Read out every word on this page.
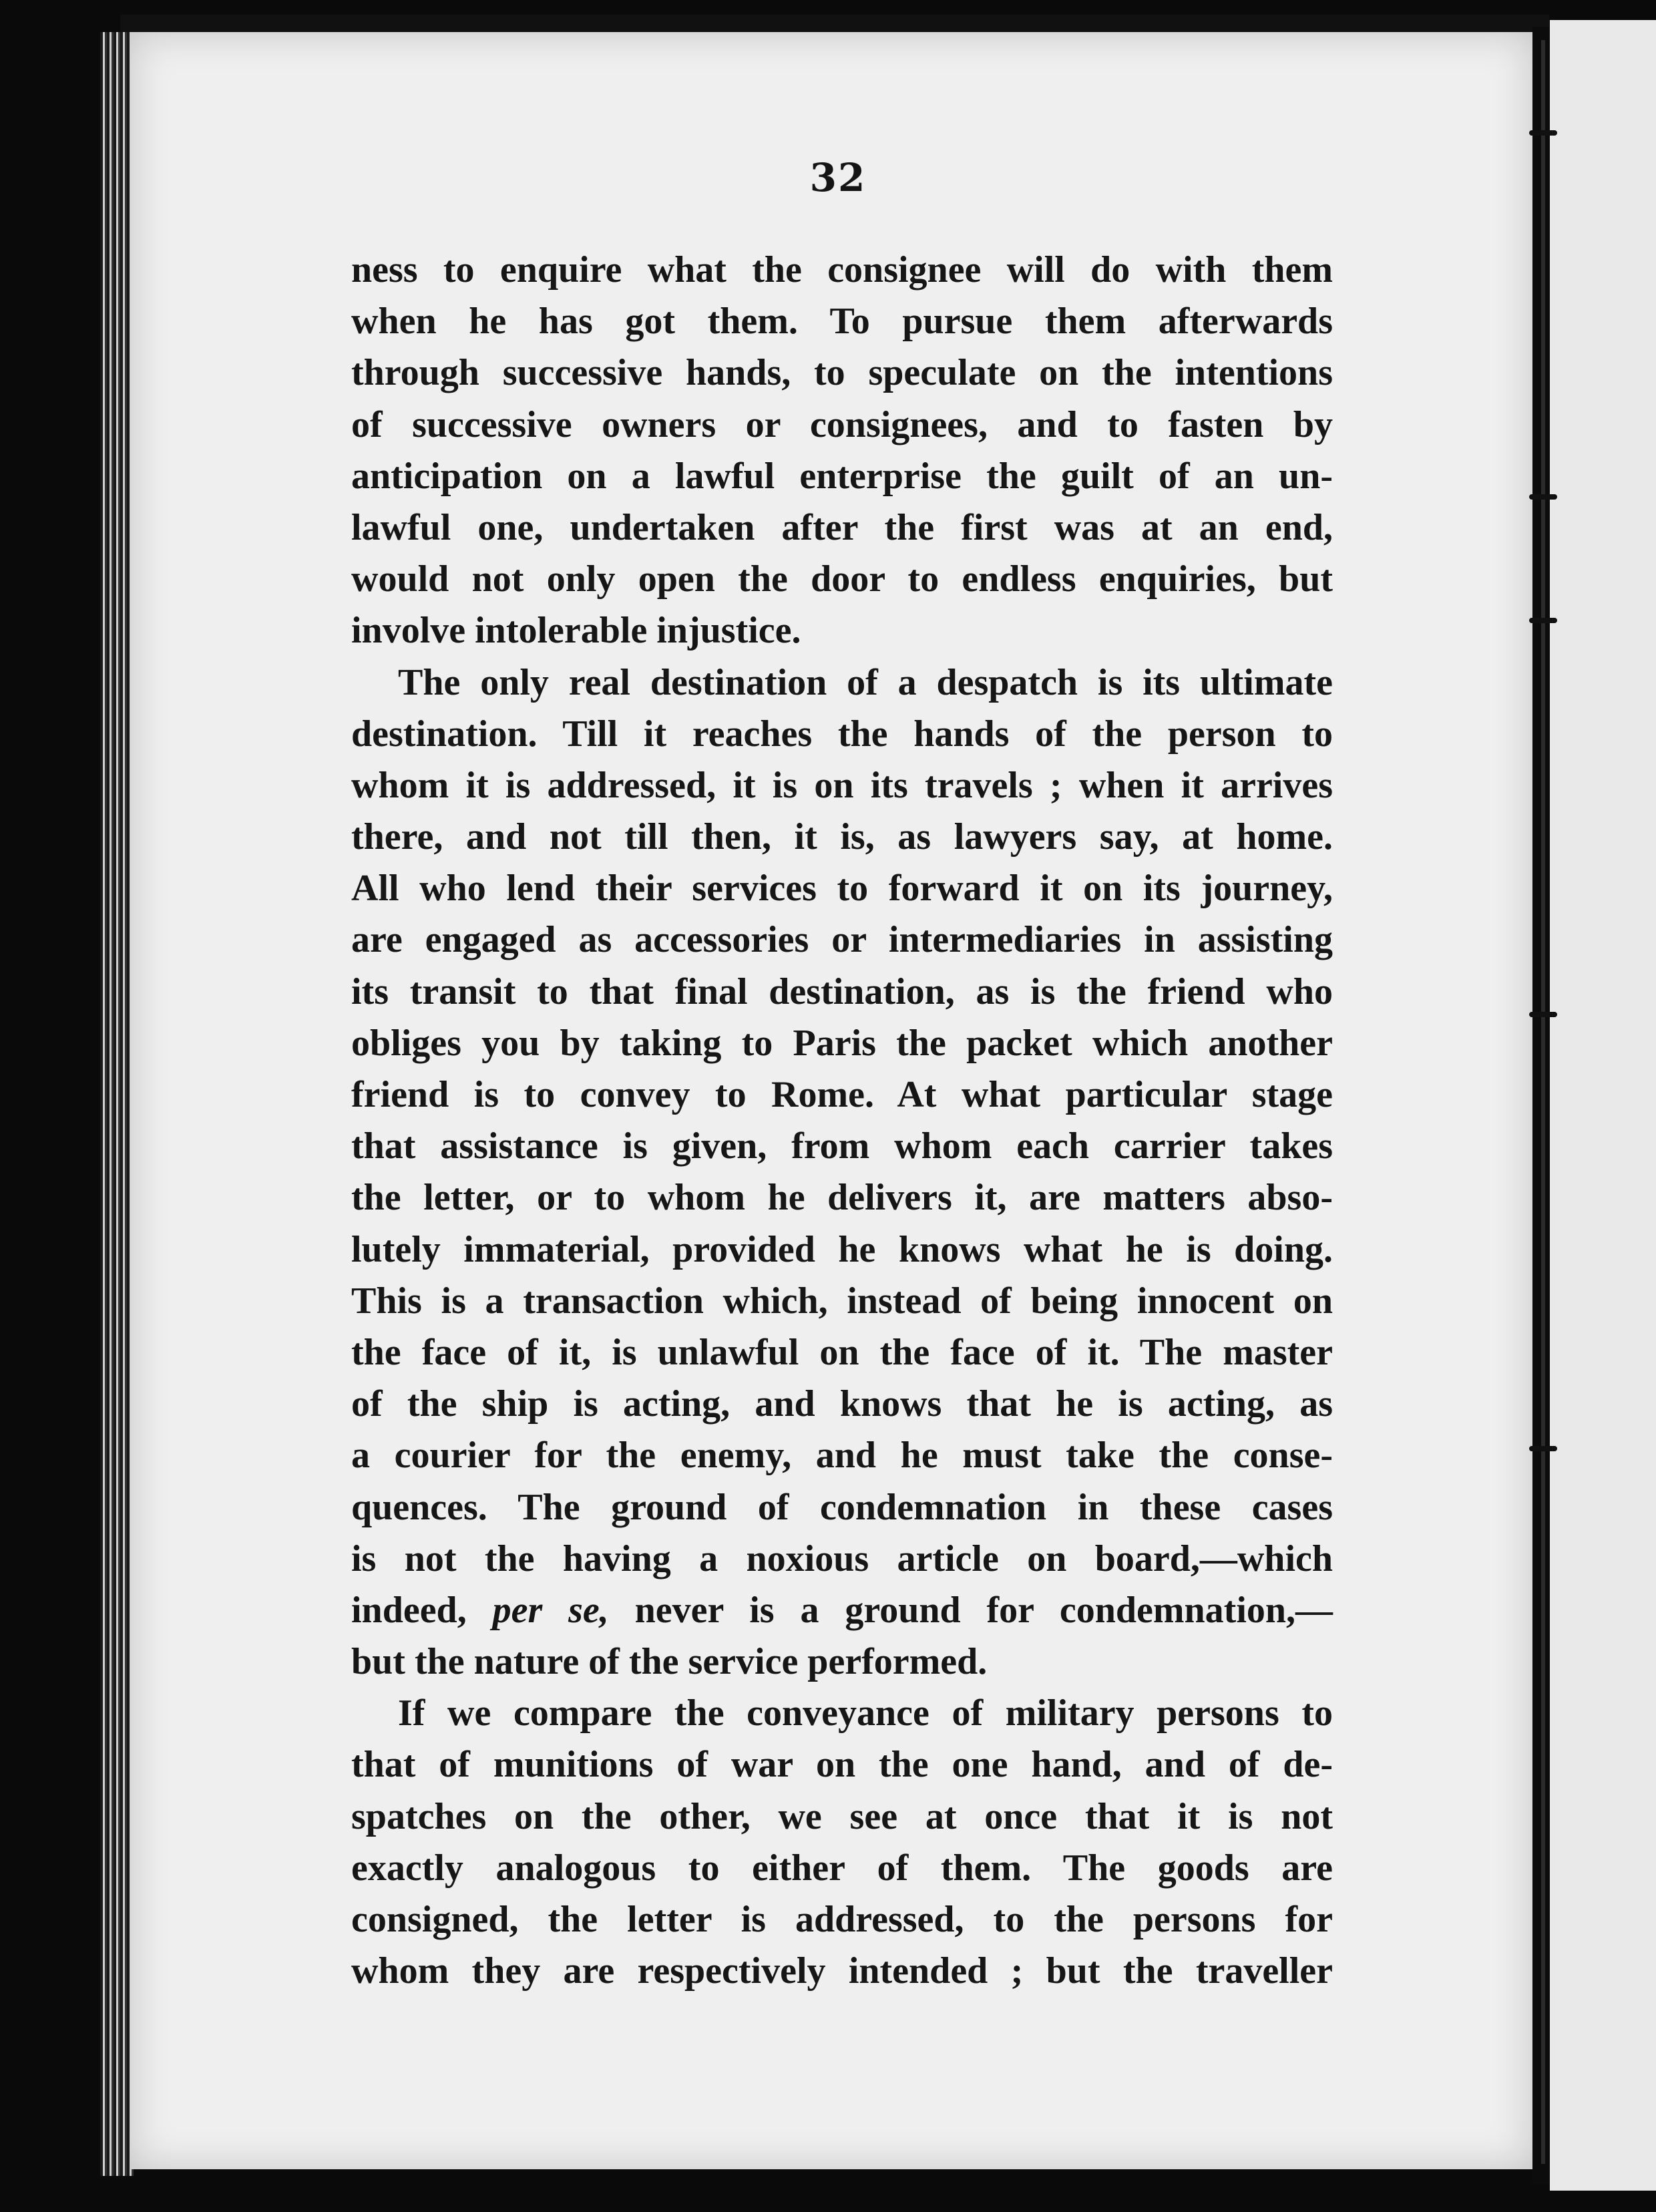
32
ness to enquire what the consignee will do with them
when he has got them. To pursue them afterwards
through successive hands, to speculate on the intentions
of successive owners or consignees, and to fasten by
anticipation on a lawful enterprise the guilt of an un-
lawful one, undertaken after the first was at an end,
would not only open the door to endless enquiries, but
involve intolerable injustice.
The only real destination of a despatch is its ultimate
destination. Till it reaches the hands of the person to
whom it is addressed, it is on its travels ; when it arrives
there, and not till then, it is, as lawyers say, at home.
All who lend their services to forward it on its journey,
are engaged as accessories or intermediaries in assisting
its transit to that final destination, as is the friend who
obliges you by taking to Paris the packet which another
friend is to convey to Rome. At what particular stage
that assistance is given, from whom each carrier takes
the letter, or to whom he delivers it, are matters abso-
lutely immaterial, provided he knows what he is doing.
This is a transaction which, instead of being innocent on
the face of it, is unlawful on the face of it. The master
of the ship is acting, and knows that he is acting, as
a courier for the enemy, and he must take the conse-
quences. The ground of condemnation in these cases
is not the having a noxious article on board,—which
indeed, per se, never is a ground for condemnation,—
but the nature of the service performed.
If we compare the conveyance of military persons to
that of munitions of war on the one hand, and of de-
spatches on the other, we see at once that it is not
exactly analogous to either of them. The goods are
consigned, the letter is addressed, to the persons for
whom they are respectively intended ; but the traveller
